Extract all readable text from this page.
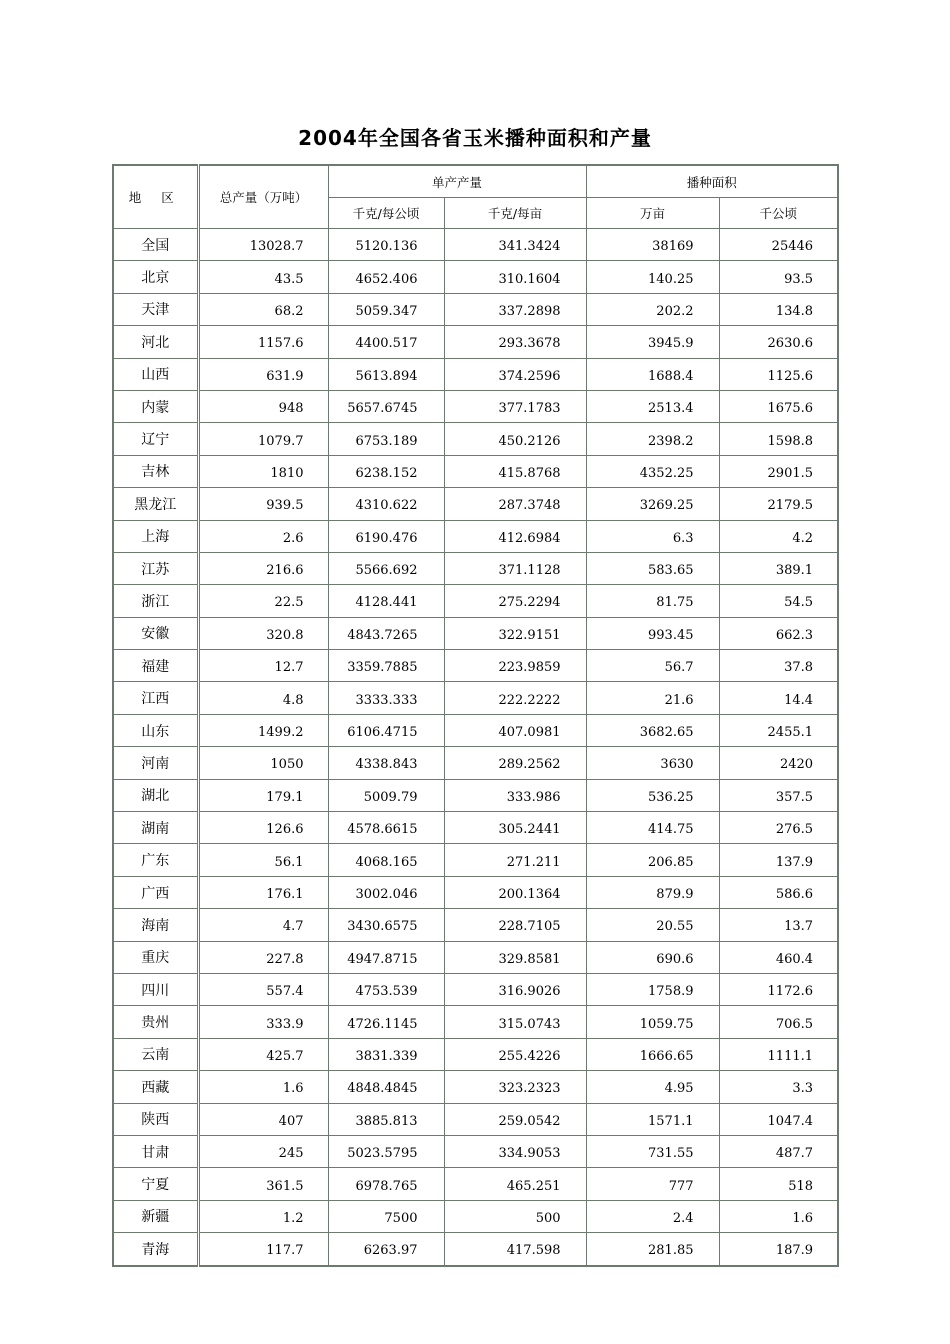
2004年全国各省玉米播种面积和产量
地 区	总产量（万吨）	单产产量		播种面积	
		千克/每公顷	千克/每亩	万亩	千公顷
全国	13028.7	5120.136	341.3424	38169	25446
北京	43.5	4652.406	310.1604	140.25	93.5
天津	68.2	5059.347	337.2898	202.2	134.8
河北	1157.6	4400.517	293.3678	3945.9	2630.6
山西	631.9	5613.894	374.2596	1688.4	1125.6
内蒙	948	5657.6745	377.1783	2513.4	1675.6
辽宁	1079.7	6753.189	450.2126	2398.2	1598.8
吉林	1810	6238.152	415.8768	4352.25	2901.5
黑龙江	939.5	4310.622	287.3748	3269.25	2179.5
上海	2.6	6190.476	412.6984	6.3	4.2
江苏	216.6	5566.692	371.1128	583.65	389.1
浙江	22.5	4128.441	275.2294	81.75	54.5
安徽	320.8	4843.7265	322.9151	993.45	662.3
福建	12.7	3359.7885	223.9859	56.7	37.8
江西	4.8	3333.333	222.2222	21.6	14.4
山东	1499.2	6106.4715	407.0981	3682.65	2455.1
河南	1050	4338.843	289.2562	3630	2420
湖北	179.1	5009.79	333.986	536.25	357.5
湖南	126.6	4578.6615	305.2441	414.75	276.5
广东	56.1	4068.165	271.211	206.85	137.9
广西	176.1	3002.046	200.1364	879.9	586.6
海南	4.7	3430.6575	228.7105	20.55	13.7
重庆	227.8	4947.8715	329.8581	690.6	460.4
四川	557.4	4753.539	316.9026	1758.9	1172.6
贵州	333.9	4726.1145	315.0743	1059.75	706.5
云南	425.7	3831.339	255.4226	1666.65	1111.1
西藏	1.6	4848.4845	323.2323	4.95	3.3
陕西	407	3885.813	259.0542	1571.1	1047.4
甘肃	245	5023.5795	334.9053	731.55	487.7
宁夏	361.5	6978.765	465.251	777	518
新疆	1.2	7500	500	2.4	1.6
青海	117.7	6263.97	417.598	281.85	187.9
